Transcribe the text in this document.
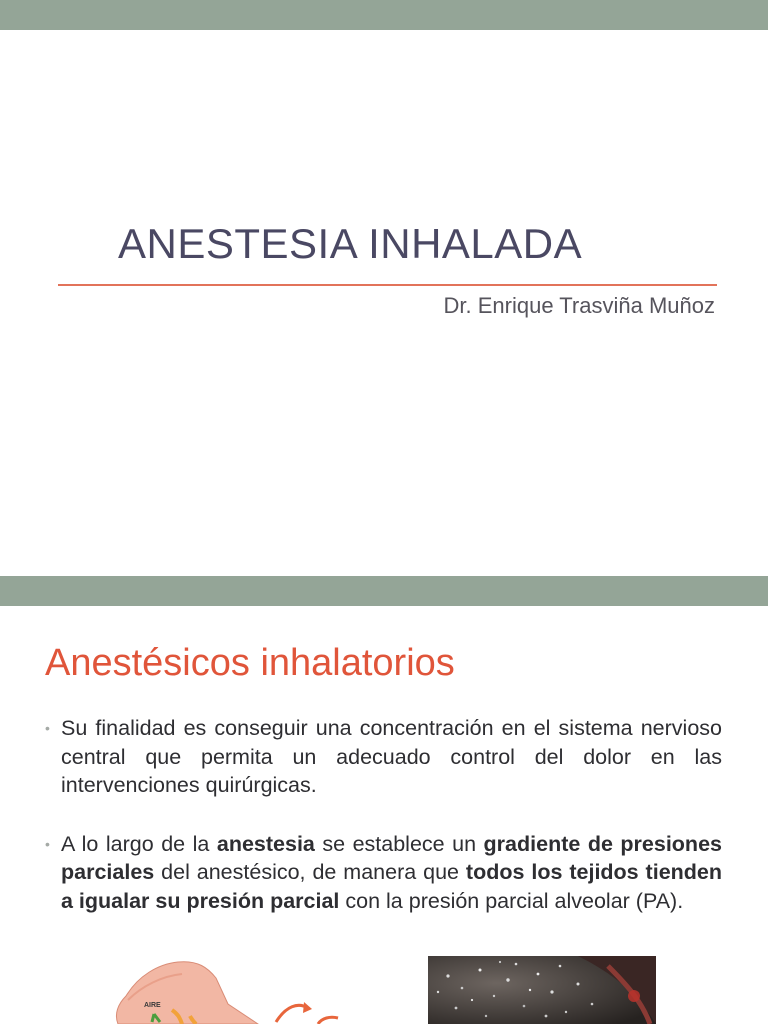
ANESTESIA INHALADA
Dr. Enrique Trasviña Muñoz
Anestésicos inhalatorios
• Su finalidad es conseguir una concentración en el sistema nervioso central que permita un adecuado control del dolor en las intervenciones quirúrgicas.
• A lo largo de la anestesia se establece un gradiente de presiones parciales del anestésico, de manera que todos los tejidos tienden a igualar su presión parcial con la presión parcial alveolar (PA).
AIRE
